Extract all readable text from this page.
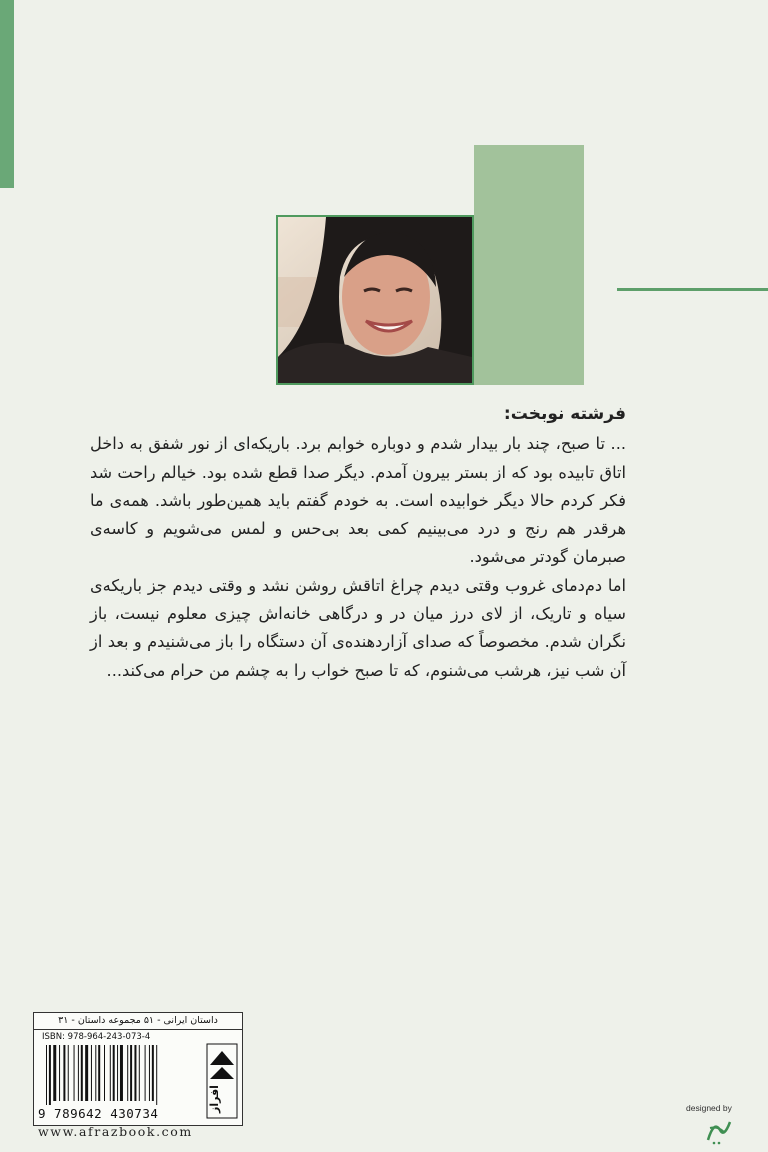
فرشته نوبخت:

... تا صبح، چند بار بیدار شدم و دوباره خوابم برد. باریکه‌ای از نور شفق به داخل اتاق تابیده بود که از بستر بیرون آمدم. دیگر صدا قطع شده بود. خیالم راحت شد فکر کردم حالا دیگر خوابیده است. به خودم گفتم باید همین‌طور باشد. همه‌ی ما هرقدر هم رنج و درد می‌بینیم کمی بعد بی‌حس و لمس می‌شویم و کاسه‌ی صبرمان گودتر می‌شود.

اما دم‌دمای غروب وقتی دیدم چراغ اتاقش روشن نشد و وقتی دیدم جز باریکه‌ی سیاه و تاریک، از لای درز میان در و درگاهی خانه‌اش چیزی معلوم نیست، باز نگران شدم. مخصوصاً که صدای آزاردهنده‌ی آن دستگاه را باز می‌شنیدم و بعد از آن شب نیز، هرشب می‌شنوم، که تا صبح خواب را به چشم من حرام می‌کند...

داستان ایرانی - ۵۱ مجموعه داستان - ۳۱
ISBN: 978-964-243-073-4
9 789642 430734
افراز
www.afrazbook.com
designed by
